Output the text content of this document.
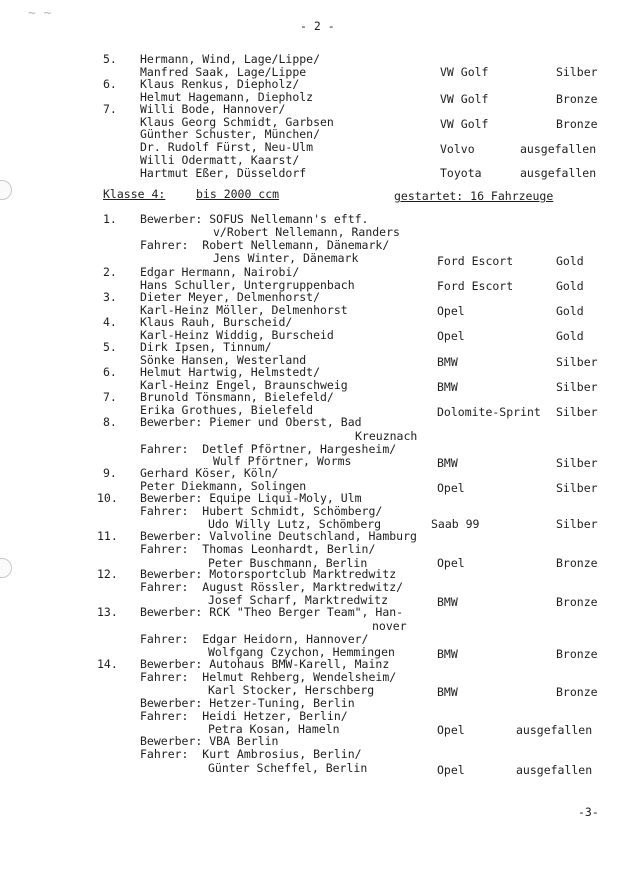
~ ~
- 2 -
5. Hermann, Wind, Lage/Lippe/
Manfred Saak, Lage/Lippe	VW Golf	Silber
6. Klaus Renkus, Diepholz/
Helmut Hagemann, Diepholz	VW Golf	Bronze
7. Willi Bode, Hannover/
Klaus Georg Schmidt, Garbsen	VW Golf	Bronze
Günther Schuster, München/
Dr. Rudolf Fürst, Neu-Ulm	Volvo	ausgefallen
Willi Odermatt, Kaarst/
Hartmut Eßer, Düsseldorf	Toyota	ausgefallen
Klasse 4:	bis 2000 ccm	gestartet: 16 Fahrzeuge
1. Bewerber: SOFUS Nellemann's eftf.
v/Robert Nellemann, Randers
Fahrer:  Robert Nellemann, Dänemark/
Jens Winter, Dänemark	Ford Escort	Gold
2. Edgar Hermann, Nairobi/
Hans Schuller, Untergruppenbach	Ford Escort	Gold
3. Dieter Meyer, Delmenhorst/
Karl-Heinz Möller, Delmenhorst	Opel	Gold
4. Klaus Rauh, Burscheid/
Karl-Heinz Widdig, Burscheid	Opel	Gold
5. Dirk Ipsen, Tinnum/
Sönke Hansen, Westerland	BMW	Silber
6. Helmut Hartwig, Helmstedt/
Karl-Heinz Engel, Braunschweig	BMW	Silber
7. Brunold Tönsmann, Bielefeld/
Erika Grothues, Bielefeld	Dolomite-Sprint Silber
8. Bewerber: Piemer und Oberst, Bad
Kreuznach
Fahrer:  Detlef Pförtner, Hargesheim/
Wulf Pförtner, Worms	BMW	Silber
9. Gerhard Köser, Köln/
Peter Diekmann, Solingen	Opel	Silber
10. Bewerber: Equipe Liqui-Moly, Ulm
Fahrer:  Hubert Schmidt, Schömberg/
Udo Willy Lutz, Schömberg	Saab 99	Silber
11. Bewerber: Valvoline Deutschland, Hamburg
Fahrer:  Thomas Leonhardt, Berlin/
Peter Buschmann, Berlin	Opel	Bronze
12. Bewerber: Motorsportclub Marktredwitz
Fahrer:  August Rössler, Marktredwitz/
Josef Scharf, Marktredwitz	BMW	Bronze
13. Bewerber: RCK "Theo Berger Team", Han-
nover
Fahrer:  Edgar Heidorn, Hannover/
Wolfgang Czychon, Hemmingen	BMW	Bronze
14. Bewerber: Autohaus BMW-Karell, Mainz
Fahrer:  Helmut Rehberg, Wendelsheim/
Karl Stocker, Herschberg	BMW	Bronze
Bewerber: Hetzer-Tuning, Berlin
Fahrer:  Heidi Hetzer, Berlin/
Petra Kosan, Hameln	Opel	ausgefallen
Bewerber: VBA Berlin
Fahrer:  Kurt Ambrosius, Berlin/
Günter Scheffel, Berlin	Opel	ausgefallen
-3-
